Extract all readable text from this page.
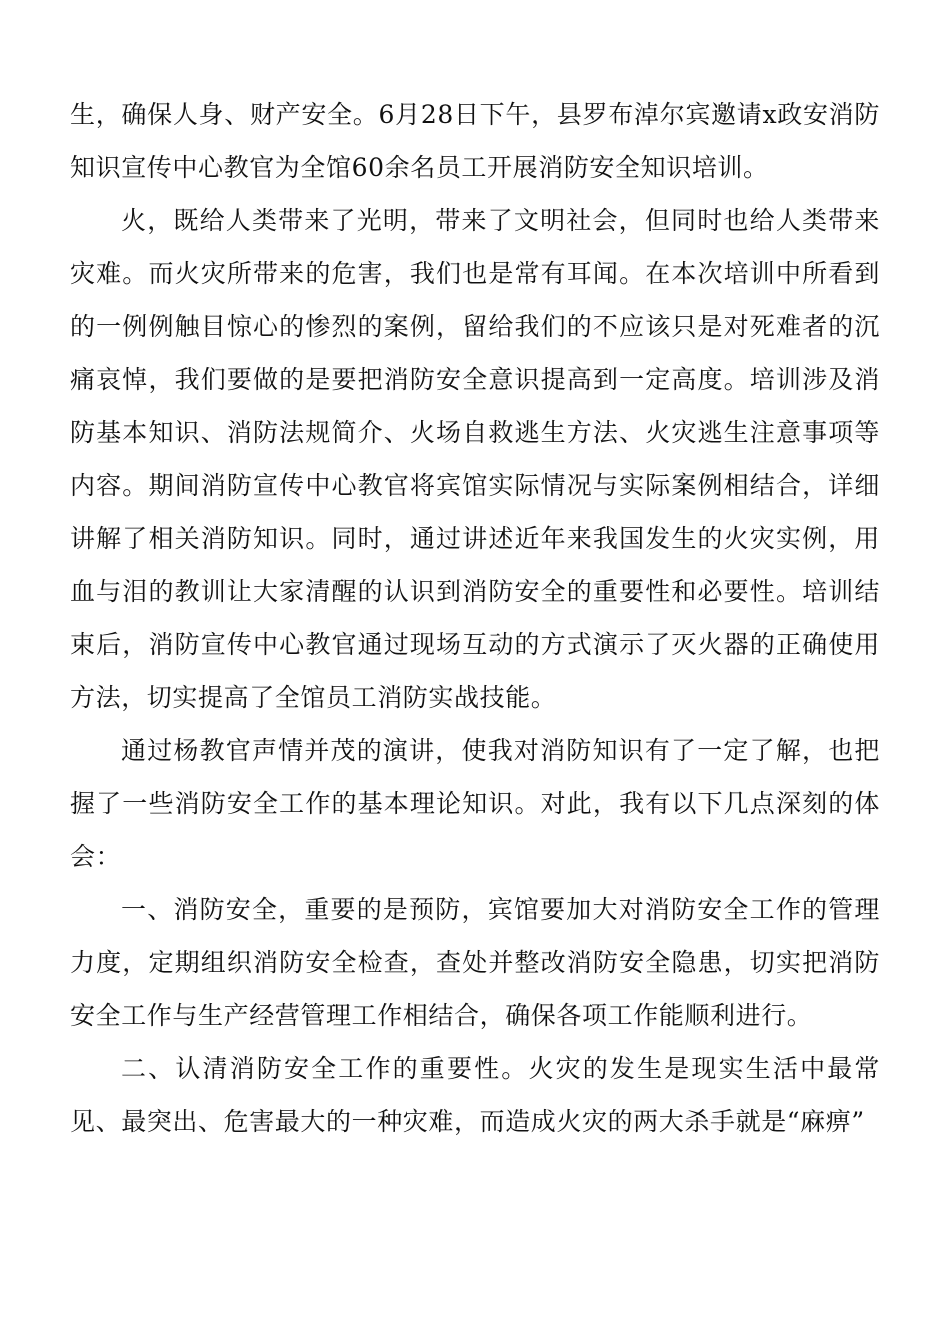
生，确保人身、财产安全。6月28日下午，县罗布淖尔宾邀请x政安消防知识宣传中心教官为全馆60余名员工开展消防安全知识培训。

火，既给人类带来了光明，带来了文明社会，但同时也给人类带来灾难。而火灾所带来的危害，我们也是常有耳闻。在本次培训中所看到的一例例触目惊心的惨烈的案例，留给我们的不应该只是对死难者的沉痛哀悼，我们要做的是要把消防安全意识提高到一定高度。培训涉及消防基本知识、消防法规简介、火场自救逃生方法、火灾逃生注意事项等内容。期间消防宣传中心教官将宾馆实际情况与实际案例相结合，详细讲解了相关消防知识。同时，通过讲述近年来我国发生的火灾实例，用血与泪的教训让大家清醒的认识到消防安全的重要性和必要性。培训结束后，消防宣传中心教官通过现场互动的方式演示了灭火器的正确使用方法，切实提高了全馆员工消防实战技能。

通过杨教官声情并茂的演讲，使我对消防知识有了一定了解，也把握了一些消防安全工作的基本理论知识。对此，我有以下几点深刻的体会：

一、消防安全，重要的是预防，宾馆要加大对消防安全工作的管理力度，定期组织消防安全检查，查处并整改消防安全隐患，切实把消防安全工作与生产经营管理工作相结合，确保各项工作能顺利进行。

二、认清消防安全工作的重要性。火灾的发生是现实生活中最常见、最突出、危害最大的一种灾难，而造成火灾的两大杀手就是“麻痹”
